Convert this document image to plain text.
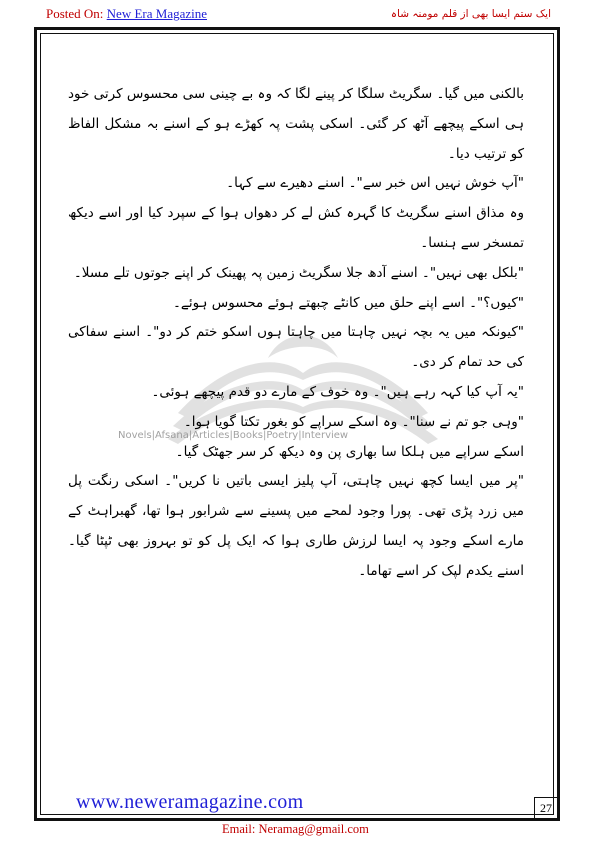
Posted On: New Era Magazine	ایک ستم ایسا بھی از قلم مومنہ شاہ
Novels|Afsana|Articles|Books|Poetry|Interview

بالکنی میں گیا۔ سگریٹ سلگا کر پینے لگا کہ وہ بے چینی سی محسوس کرتی خود ہی اسکے پیچھے آٹھ کر گئی۔ اسکی پشت پہ کھڑے ہو کے اسنے بہ مشکل الفاظ کو ترتیب دیا۔

"آپ خوش نہیں اس خبر سے"۔ اسنے دھیرے سے کہا۔

وہ مذاق اسنے سگریٹ کا گہرہ کش لے کر دھواں ہوا کے سپرد کیا اور اسے دیکھ تمسخر سے ہنسا۔

"بلکل بھی نہیں"۔ اسنے آدھ جلا سگریٹ زمین پہ پھینک کر اپنے جوتوں تلے مسلا۔

"کیوں؟"۔ اسے اپنے حلق میں کانٹے چبھتے ہوئے محسوس ہوئے۔

"کیونکہ میں یہ بچہ نہیں چاہتا میں چاہتا ہوں اسکو ختم کر دو"۔ اسنے سفاکی کی حد تمام کر دی۔

"یہ آپ کیا کہہ رہے ہیں"۔ وہ خوف کے مارے دو قدم پیچھے ہوئی۔

"وہی جو تم نے سنا"۔ وہ اسکے سراپے کو بغور تکتا گویا ہوا۔

اسکے سراپے میں ہلکا سا بھاری پن وہ دیکھ کر سر جھٹک گیا۔

"پر میں ایسا کچھ نہیں چاہتی، آپ پلیز ایسی باتیں نا کریں"۔ اسکی رنگت پل میں زرد پڑی تھی۔ پورا وجود لمحے میں پسینے سے شرابور ہوا تھا، گھبراہٹ کے مارے اسکے وجود پہ ایسا لرزش طاری ہوا کہ ایک پل کو تو بہروز بھی ٹپٹا گیا۔ اسنے یکدم لپک کر اسے تھاما۔

www.neweramagazine.com	27
Email: Neramag@gmail.com
